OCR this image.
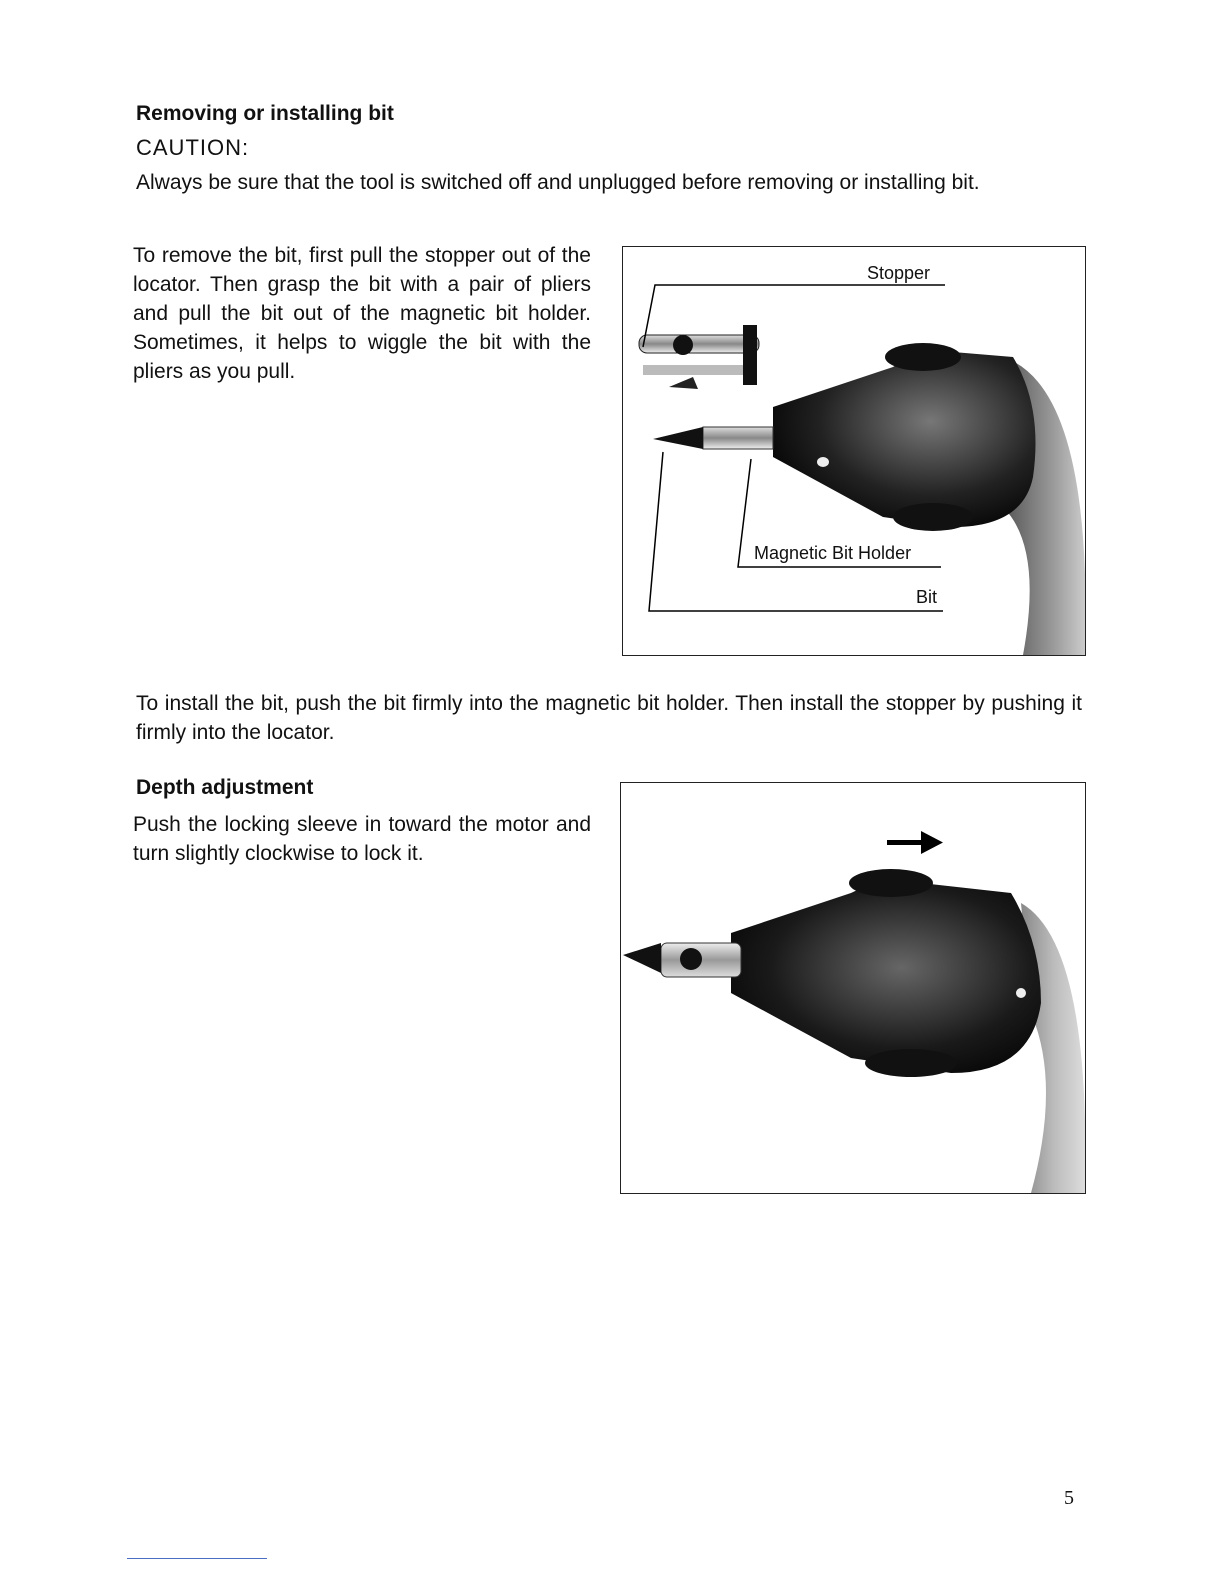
Removing or installing bit
CAUTION:
Always be sure that the tool is switched off and unplugged before removing or installing bit.
To remove the bit, first pull the stopper out of the locator. Then grasp the bit with a pair of pliers and pull the bit out of the magnetic bit holder. Sometimes, it helps to wiggle the bit with the pliers as you pull.
Stopper
Magnetic Bit Holder
Bit
To install the bit, push the bit firmly into the magnetic bit holder. Then install the stopper by pushing it firmly into the locator.
Depth adjustment
Push the locking sleeve in toward the motor and turn slightly clockwise to lock it.
5
